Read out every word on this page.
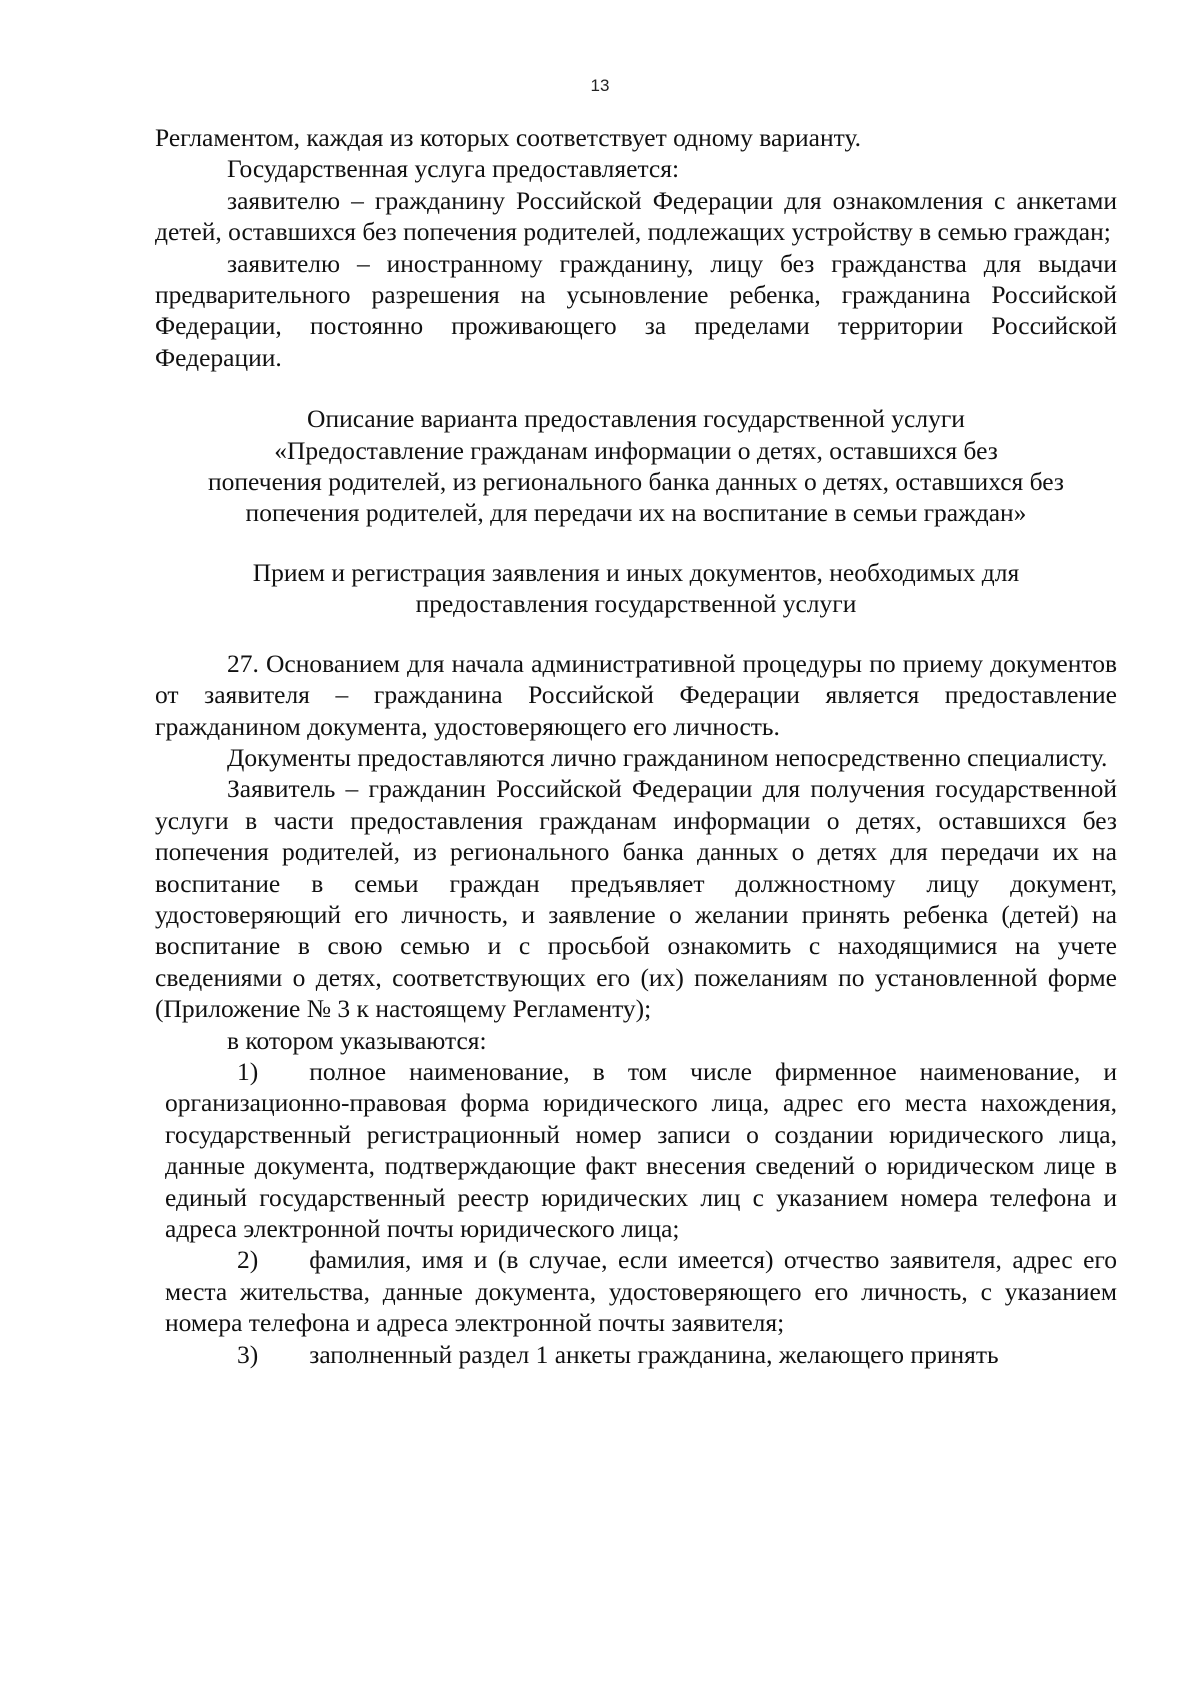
13

Регламентом, каждая из которых соответствует одному варианту.

Государственная услуга предоставляется:

заявителю – гражданину Российской Федерации для ознакомления с анкетами детей, оставшихся без попечения родителей, подлежащих устройству в семью граждан;

заявителю – иностранному гражданину, лицу без гражданства для выдачи предварительного разрешения на усыновление ребенка, гражданина Российской Федерации, постоянно проживающего за пределами территории Российской Федерации.

Описание варианта предоставления государственной услуги
«Предоставление гражданам информации о детях, оставшихся без
попечения родителей, из регионального банка данных о детях, оставшихся без
попечения родителей, для передачи их на воспитание в семьи граждан»
Прием и регистрация заявления и иных документов, необходимых для
предоставления государственной услуги

27. Основанием для начала административной процедуры по приему документов от заявителя – гражданина Российской Федерации является предоставление гражданином документа, удостоверяющего его личность.

Документы предоставляются лично гражданином непосредственно специалисту.

Заявитель – гражданин Российской Федерации для получения государственной услуги в части предоставления гражданам информации о детях, оставшихся без попечения родителей, из регионального банка данных о детях для передачи их на воспитание в семьи граждан предъявляет должностному лицу документ, удостоверяющий его личность, и заявление о желании принять ребенка (детей) на воспитание в свою семью и с просьбой ознакомить с находящимися на учете сведениями о детях, соответствующих его (их) пожеланиям по установленной форме (Приложение № 3 к настоящему Регламенту);

в котором указываются:

1)  полное наименование, в том числе фирменное наименование, и организационно-правовая форма юридического лица, адрес его места нахождения, государственный регистрационный номер записи о создании юридического лица, данные документа, подтверждающие факт внесения сведений о юридическом лице в единый государственный реестр юридических лиц с указанием номера телефона и адреса электронной почты юридического лица;

2)  фамилия, имя и (в случае, если имеется) отчество заявителя, адрес его места жительства, данные документа, удостоверяющего его личность, с указанием номера телефона и адреса электронной почты заявителя;

3)  заполненный раздел 1 анкеты гражданина, желающего принять
